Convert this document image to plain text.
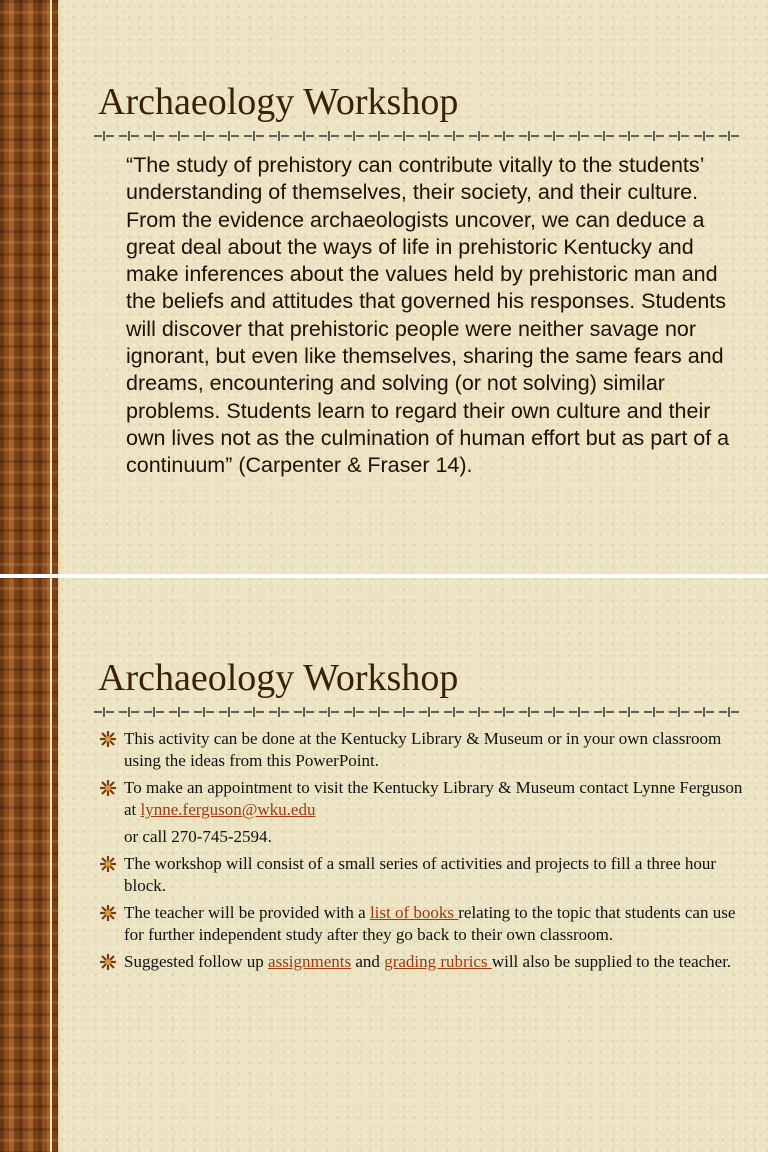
Archaeology Workshop

“The study of prehistory can contribute vitally to the students’ understanding of themselves, their society, and their culture. From the evidence archaeologists uncover, we can deduce a great deal about the ways of life in prehistoric Kentucky and make inferences about the values held by prehistoric man and the beliefs and attitudes that governed his responses. Students will discover that prehistoric people were neither savage nor ignorant, but even like themselves, sharing the same fears and dreams, encountering and solving (or not solving) similar problems. Students learn to regard their own culture and their own lives not as the culmination of human effort but as part of a continuum” (Carpenter & Fraser 14).

Archaeology Workshop
This activity can be done at the Kentucky Library & Museum or in your own classroom using the ideas from this PowerPoint.
To make an appointment to visit the Kentucky Library & Museum contact Lynne Ferguson at lynne.ferguson@wku.edu
or call 270-745-2594.
The workshop will consist of a small series of activities and projects to fill a three hour block.
The teacher will be provided with a list of books relating to the topic that students can use for further independent study after they go back to their own classroom.
Suggested follow up assignments and grading rubrics will also be supplied to the teacher.
